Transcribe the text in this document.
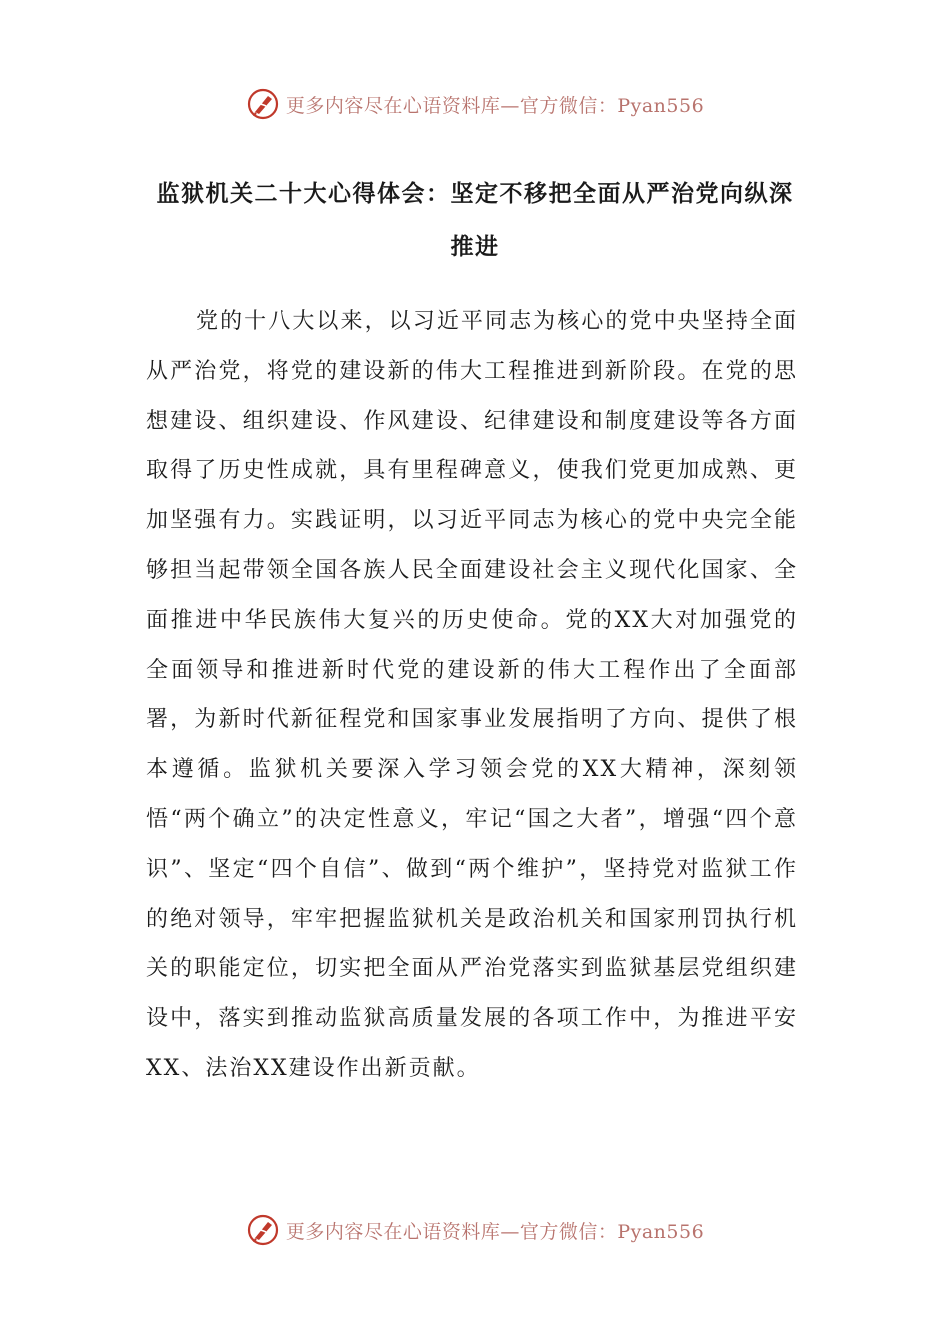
更多内容尽在心语资料库—官方微信：Pyan556
监狱机关二十大心得体会：坚定不移把全面从严治党向纵深推进

党的十八大以来，以习近平同志为核心的党中央坚持全面从严治党，将党的建设新的伟大工程推进到新阶段。在党的思想建设、组织建设、作风建设、纪律建设和制度建设等各方面取得了历史性成就，具有里程碑意义，使我们党更加成熟、更加坚强有力。实践证明，以习近平同志为核心的党中央完全能够担当起带领全国各族人民全面建设社会主义现代化国家、全面推进中华民族伟大复兴的历史使命。党的XX大对加强党的全面领导和推进新时代党的建设新的伟大工程作出了全面部署，为新时代新征程党和国家事业发展指明了方向、提供了根本遵循。监狱机关要深入学习领会党的XX大精神，深刻领悟“两个确立”的决定性意义，牢记“国之大者”，增强“四个意识”、坚定“四个自信”、做到“两个维护”，坚持党对监狱工作的绝对领导，牢牢把握监狱机关是政治机关和国家刑罚执行机关的职能定位，切实把全面从严治党落实到监狱基层党组织建设中，落实到推动监狱高质量发展的各项工作中，为推进平安XX、法治XX建设作出新贡献。

更多内容尽在心语资料库—官方微信：Pyan556
